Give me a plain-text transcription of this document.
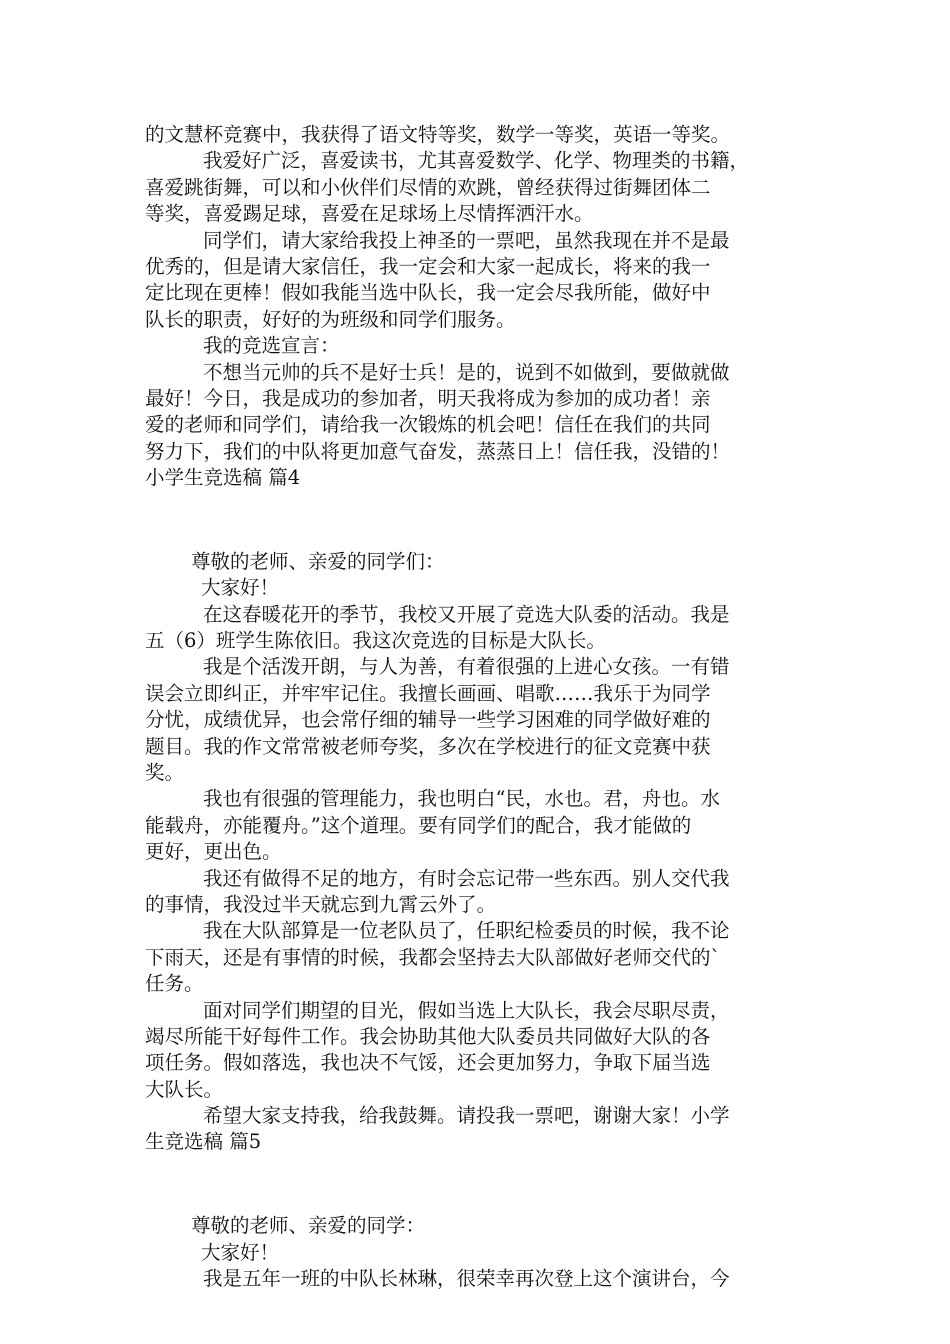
的文慧杯竞赛中，我获得了语文特等奖，数学一等奖，英语一等奖。
我爱好广泛，喜爱读书，尤其喜爱数学、化学、物理类的书籍，
喜爱跳街舞，可以和小伙伴们尽情的欢跳，曾经获得过街舞团体二
等奖，喜爱踢足球，喜爱在足球场上尽情挥洒汗水。
同学们，请大家给我投上神圣的一票吧，虽然我现在并不是最
优秀的，但是请大家信任，我一定会和大家一起成长，将来的我一
定比现在更棒！假如我能当选中队长，我一定会尽我所能，做好中
队长的职责，好好的为班级和同学们服务。
我的竞选宣言：
不想当元帅的兵不是好士兵！是的，说到不如做到，要做就做
最好！今日，我是成功的参加者，明天我将成为参加的成功者！亲
爱的老师和同学们，请给我一次锻炼的机会吧！信任在我们的共同
努力下，我们的中队将更加意气奋发，蒸蒸日上！信任我，没错的！
小学生竞选稿 篇4
尊敬的老师、亲爱的同学们：
大家好！
在这春暖花开的季节，我校又开展了竞选大队委的活动。我是
五（6）班学生陈依旧。我这次竞选的目标是大队长。
我是个活泼开朗，与人为善，有着很强的上进心女孩。一有错
误会立即纠正，并牢牢记住。我擅长画画、唱歌……我乐于为同学
分忧，成绩优异，也会常仔细的辅导一些学习困难的同学做好难的
题目。我的作文常常被老师夸奖，多次在学校进行的征文竞赛中获
奖。
我也有很强的管理能力，我也明白“民，水也。君，舟也。水
能载舟，亦能覆舟。”这个道理。要有同学们的配合，我才能做的
更好，更出色。
我还有做得不足的地方，有时会忘记带一些东西。别人交代我
的事情，我没过半天就忘到九霄云外了。
我在大队部算是一位老队员了，任职纪检委员的时候，我不论
下雨天，还是有事情的时候，我都会坚持去大队部做好老师交代的`
任务。
面对同学们期望的目光，假如当选上大队长，我会尽职尽责，
竭尽所能干好每件工作。我会协助其他大队委员共同做好大队的各
项任务。假如落选，我也决不气馁，还会更加努力，争取下届当选
大队长。
希望大家支持我，给我鼓舞。请投我一票吧，谢谢大家！小学
生竞选稿 篇5
尊敬的老师、亲爱的同学：
大家好！
我是五年一班的中队长林琳，很荣幸再次登上这个演讲台，今
